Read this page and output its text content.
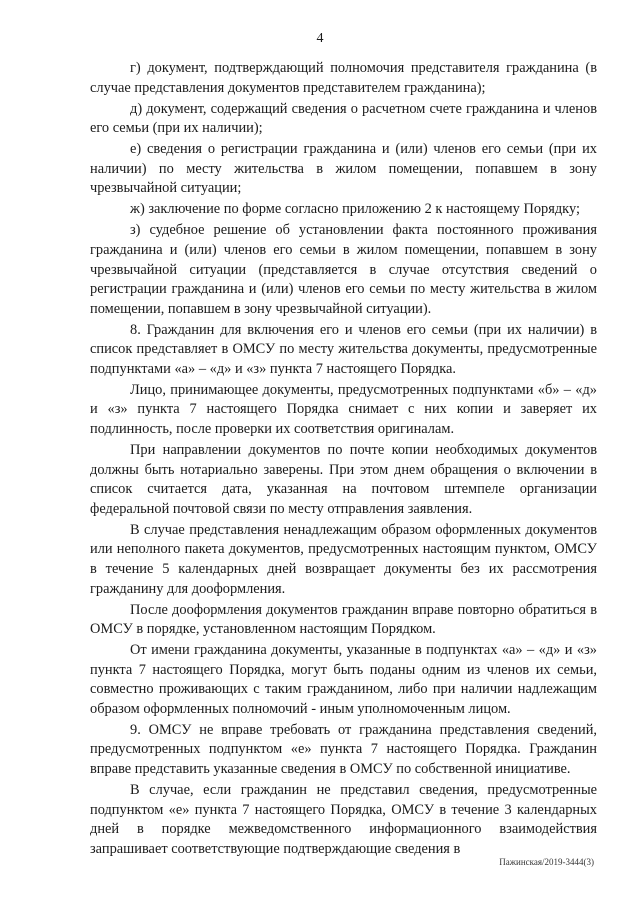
4

г) документ, подтверждающий полномочия представителя гражданина (в случае представления документов представителем гражданина);

д) документ, содержащий сведения о расчетном счете гражданина и членов его семьи (при их наличии);

е) сведения о регистрации гражданина и (или) членов его семьи (при их наличии) по месту жительства в жилом помещении, попавшем в зону чрезвычайной ситуации;

ж) заключение по форме согласно приложению 2 к настоящему Порядку;

з) судебное решение об установлении факта постоянного проживания гражданина и (или) членов его семьи в жилом помещении, попавшем в зону чрезвычайной ситуации (представляется в случае отсутствия сведений о регистрации гражданина и (или) членов его семьи по месту жительства в жилом помещении, попавшем в зону чрезвычайной ситуации).

8. Гражданин для включения его и членов его семьи (при их наличии) в список представляет в ОМСУ по месту жительства документы, предусмотренные подпунктами «а» – «д» и «з» пункта 7 настоящего Порядка.

Лицо, принимающее документы, предусмотренных подпунктами «б» – «д» и «з» пункта 7 настоящего Порядка снимает с них копии и заверяет их подлинность, после проверки их соответствия оригиналам.

При направлении документов по почте копии необходимых документов должны быть нотариально заверены. При этом днем обращения о включении в список считается дата, указанная на почтовом штемпеле организации федеральной почтовой связи по месту отправления заявления.

В случае представления ненадлежащим образом оформленных документов или неполного пакета документов, предусмотренных настоящим пунктом, ОМСУ в течение 5 календарных дней возвращает документы без их рассмотрения гражданину для дооформления.

После дооформления документов гражданин вправе повторно обратиться в ОМСУ в порядке, установленном настоящим Порядком.

От имени гражданина документы, указанные в подпунктах «а» – «д» и «з» пункта 7 настоящего Порядка, могут быть поданы одним из членов их семьи, совместно проживающих с таким гражданином, либо при наличии надлежащим образом оформленных полномочий - иным уполномоченным лицом.

9. ОМСУ не вправе требовать от гражданина представления сведений, предусмотренных подпунктом «е» пункта 7 настоящего Порядка. Гражданин вправе представить указанные сведения в ОМСУ по собственной инициативе.

В случае, если гражданин не представил сведения, предусмотренные подпунктом «е» пункта 7 настоящего Порядка, ОМСУ в течение 3 календарных дней в порядке межведомственного информационного взаимодействия запрашивает соответствующие подтверждающие сведения в

Пажинская/2019-3444(3)
